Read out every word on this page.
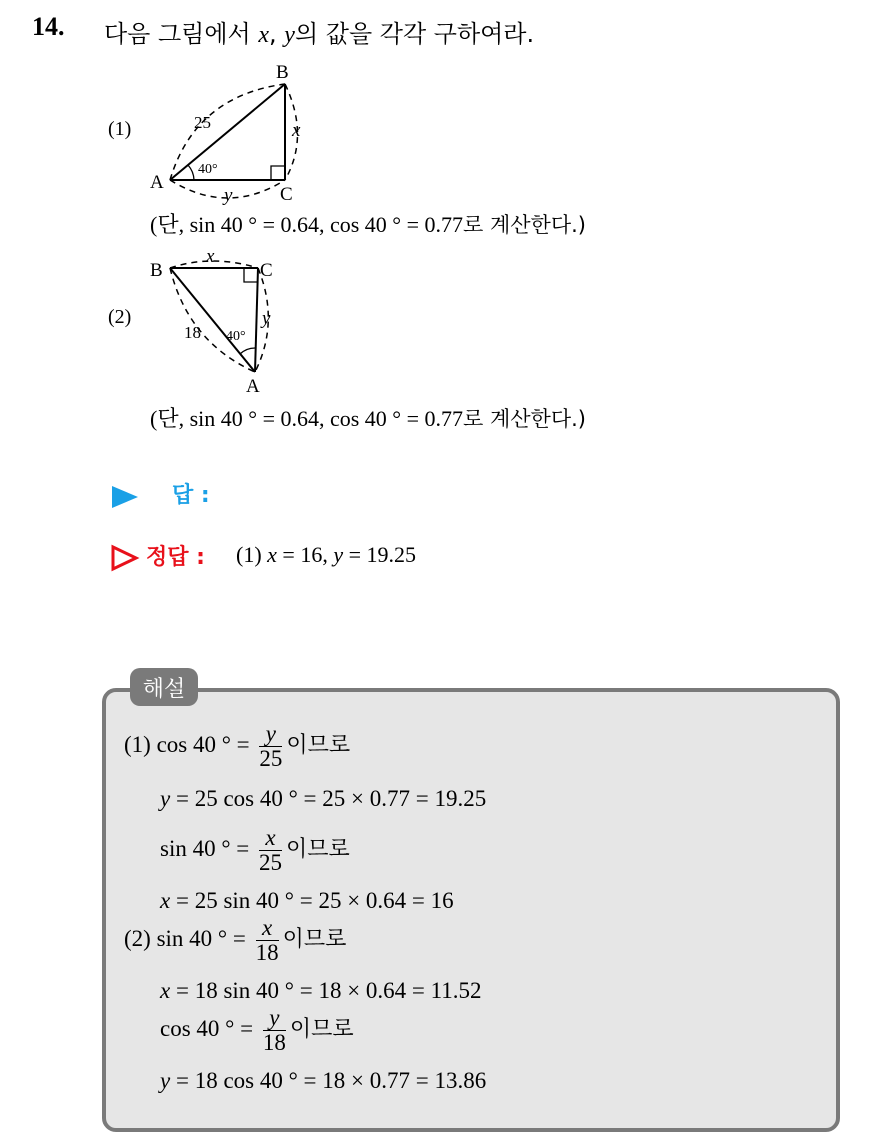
14. 다음 그림에서 x, y의 값을 각각 구하여라.
(1)
A
B
C
25	x
y
40°
(단, sin 40 ° = 0.64, cos 40 ° = 0.77로 계산한다.)
(2)
B	C
A
x
y
18 40°
(단, sin 40 ° = 0.64, cos 40 ° = 0.77로 계산한다.)
답 :
정답 : (1) x = 16, y = 19.25
해설
(1) cos 40 ° = $\frac{y}{25}$ 이므로
y = 25 cos 40 ° = 25 × 0.77 = 19.25
sin 40 ° = $\frac{x}{25}$ 이므로
x = 25 sin 40 ° = 25 × 0.64 = 16
(2) sin 40 ° = $\frac{x}{18}$ 이므로
x = 18 sin 40 ° = 18 × 0.64 = 11.52
cos 40 ° = $\frac{y}{18}$ 이므로
y = 18 cos 40 ° = 18 × 0.77 = 13.86
